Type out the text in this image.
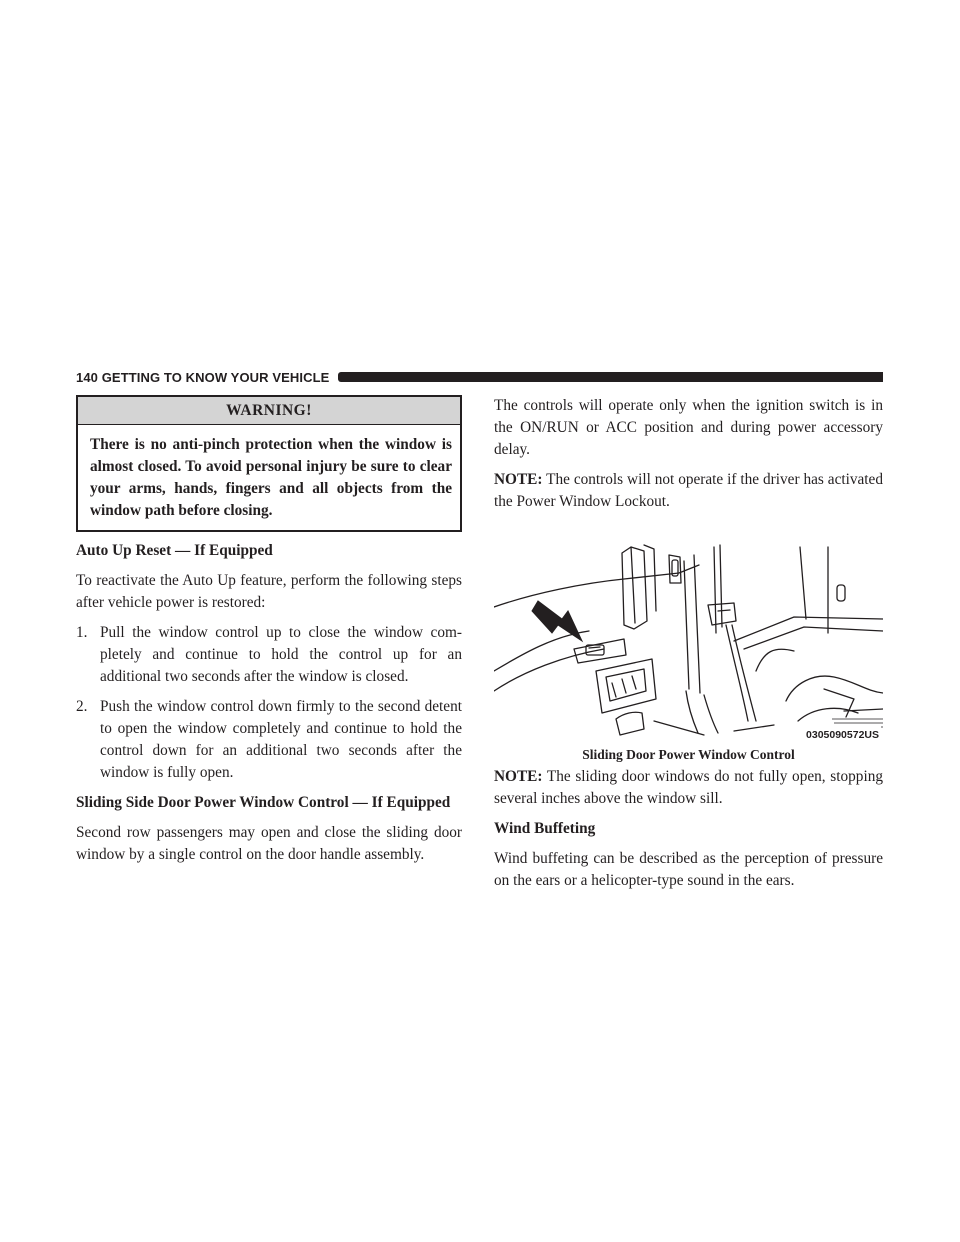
140 GETTING TO KNOW YOUR VEHICLE
WARNING!
There is no anti-pinch protection when the window is almost closed. To avoid personal injury be sure to clear your arms, hands, fingers and all objects from the window path before closing.
Auto Up Reset — If Equipped

To reactivate the Auto Up feature, perform the following steps after vehicle power is restored:

1. Pull the window control up to close the window com-pletely and continue to hold the control up for an additional two seconds after the window is closed.
2. Push the window control down firmly to the second detent to open the window completely and continue to hold the control down for an additional two seconds after the window is fully open.
Sliding Side Door Power Window Control — If Equipped

Second row passengers may open and close the sliding door window by a single control on the door handle assembly.

The controls will operate only when the ignition switch is in the ON/RUN or ACC position and during power accessory delay.

NOTE: The controls will not operate if the driver has activated the Power Window Lockout.

0305090572US
Sliding Door Power Window Control

NOTE: The sliding door windows do not fully open, stopping several inches above the window sill.

Wind Buffeting

Wind buffeting can be described as the perception of pressure on the ears or a helicopter-type sound in the ears.
